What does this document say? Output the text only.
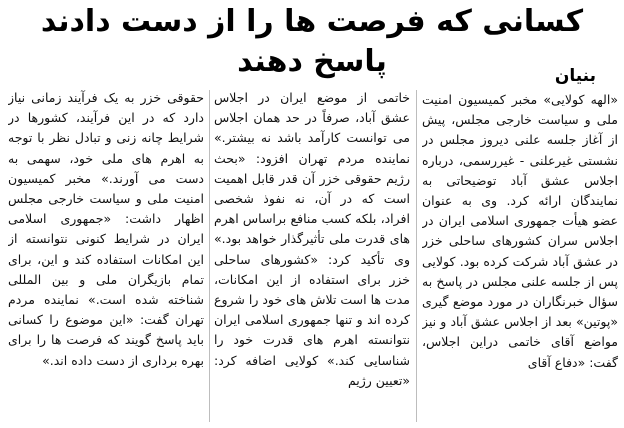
کسانی که فرصت ها را از دست دادند
پاسخ دهند	بنیان

«الهه کولایی» مخبر کمیسیون امنیت ملی و سیاست خارجی مجلس، پیش از آغاز جلسه علنی دیروز مجلس در نشستی غیرعلنی - غیررسمی، درباره اجلاس عشق آباد توضیحاتی به نمایندگان ارائه کرد. وی به عنوان عضو هیأت جمهوری اسلامی ایران در اجلاس سران کشورهای ساحلی خزر در عشق آباد شرکت کرده بود. کولایی پس از جلسه علنی مجلس در پاسخ به سؤال خبرنگاران در مورد موضع گیری «پوتین» بعد از اجلاس عشق آباد و نیز مواضع آقای خاتمی دراین اجلاس، گفت: «دفاع آقای

خاتمی از موضع ایران در اجلاس عشق آباد، صرفاً در حد همان اجلاس می توانست کارآمد باشد نه بیشتر.» نماینده مردم تهران افزود: «بحث رژیم حقوقی خزر آن قدر قابل اهمیت است که در آن، نه نفوذ شخصی افراد، بلکه کسب منافع براساس اهرم های قدرت ملی تأثیرگذار خواهد بود.» وی تأکید کرد: «کشورهای ساحلی خزر برای استفاده از این امکانات، مدت ها است تلاش های خود را شروع کرده اند و تنها جمهوری اسلامی ایران نتوانسته اهرم های قدرت خود را شناسایی کند.» کولایی اضافه کرد: «تعیین رژیم

حقوقی خزر به یک فرآیند زمانی نیاز دارد که در این فرآیند، کشورها در شرایط چانه زنی و تبادل نظر با توجه به اهرم های ملی خود، سهمی به دست می آورند.» مخبر کمیسیون امنیت ملی و سیاست خارجی مجلس اظهار داشت: «جمهوری اسلامی ایران در شرایط کنونی نتوانسته از این امکانات استفاده کند و این، برای تمام بازیگران ملی و بین المللی شناخته شده است.» نماینده مردم تهران گفت: «این موضوع را کسانی باید پاسخ گویند که فرصت ها را برای بهره برداری از دست داده اند.»
